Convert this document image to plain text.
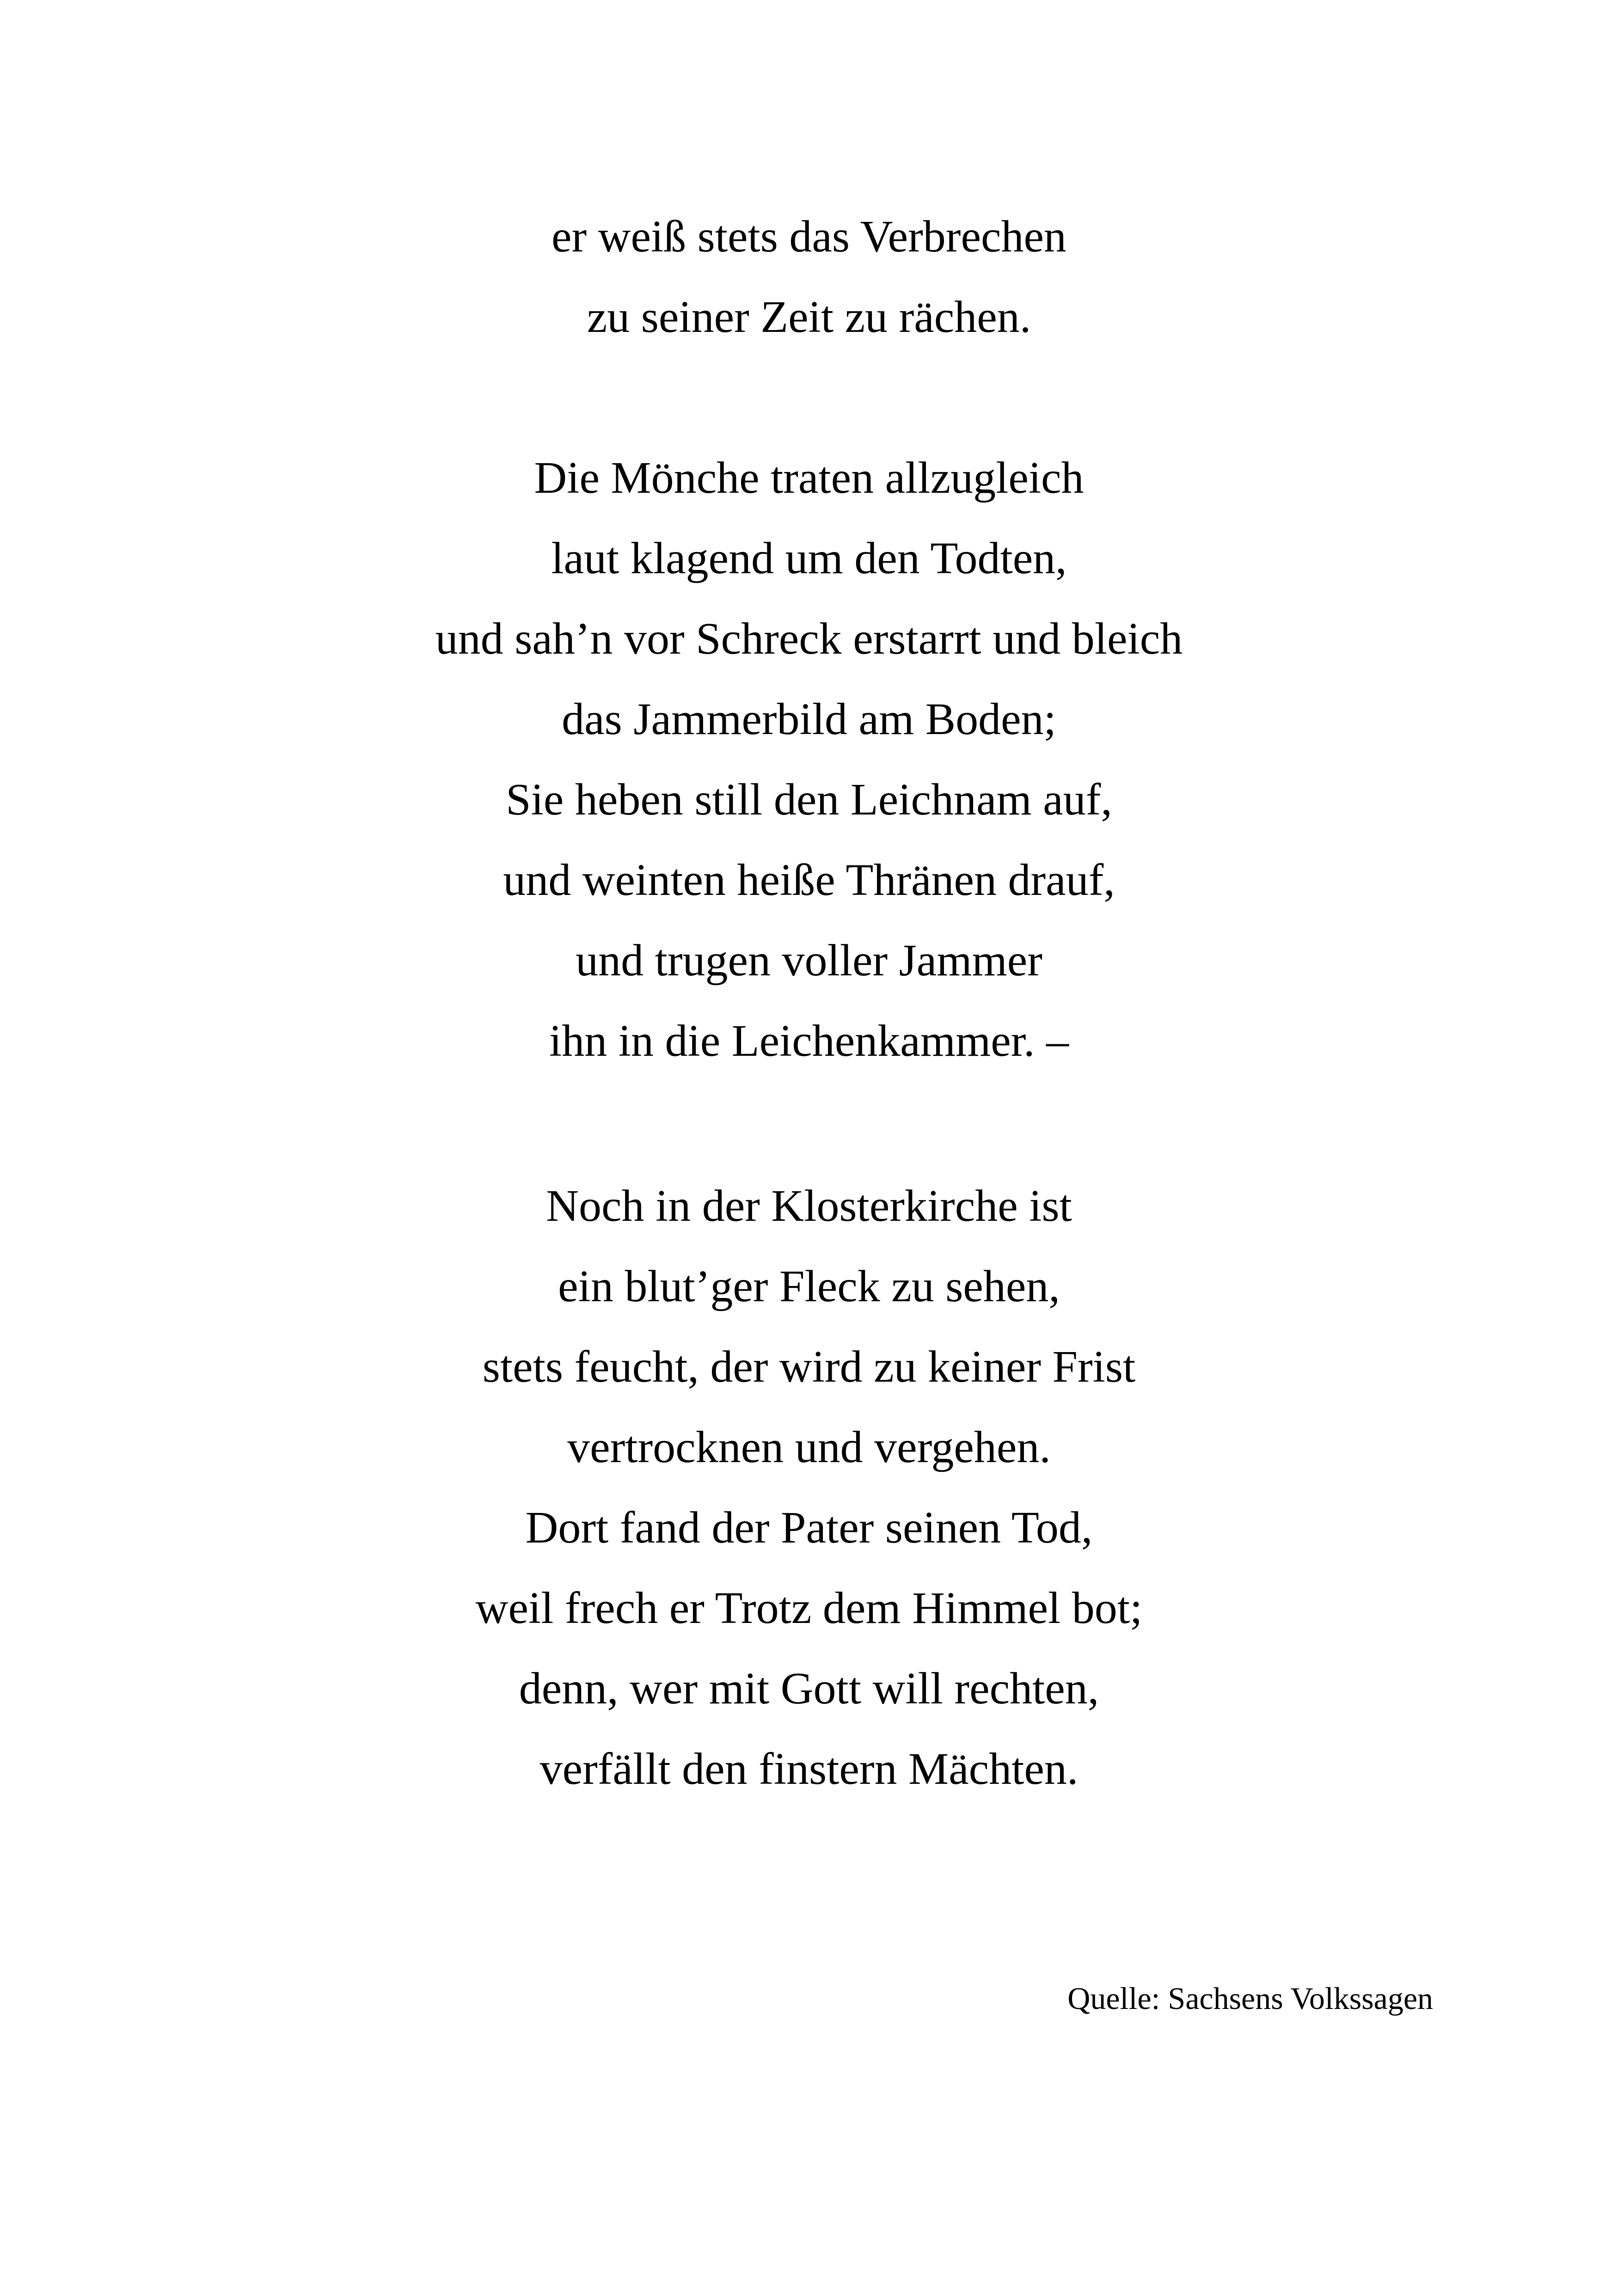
er weiß stets das Verbrechen
zu seiner Zeit zu rächen.
Die Mönche traten allzugleich
laut klagend um den Todten,
und sah’n vor Schreck erstarrt und bleich
das Jammerbild am Boden;
Sie heben still den Leichnam auf,
und weinten heiße Thränen drauf,
und trugen voller Jammer
ihn in die Leichenkammer. –
Noch in der Klosterkirche ist
ein blut’ger Fleck zu sehen,
stets feucht, der wird zu keiner Frist
vertrocknen und vergehen.
Dort fand der Pater seinen Tod,
weil frech er Trotz dem Himmel bot;
denn, wer mit Gott will rechten,
verfällt den finstern Mächten.
Quelle: Sachsens Volkssagen
